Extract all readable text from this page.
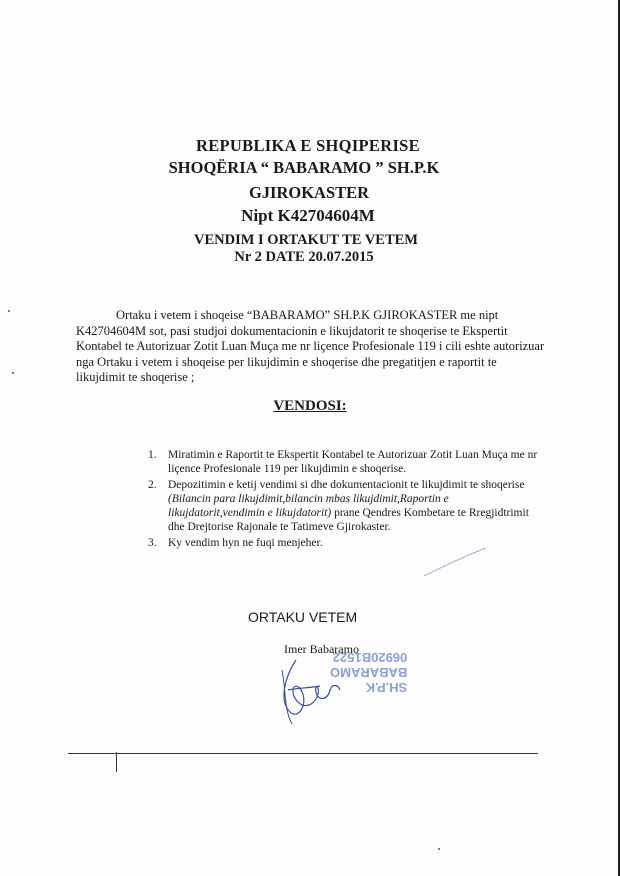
REPUBLIKA E SHQIPERISE
SHOQËRIA “ BABARAMO ” SH.P.K
GJIROKASTER
Nipt K42704604M
VENDIM I ORTAKUT TE VETEM
Nr 2 DATE 20.07.2015

Ortaku i vetem i shoqeise “BABARAMO” SH.P.K GJIROKASTER me nipt K42704604M sot, pasi studjoi dokumentacionin e likujdatorit te shoqerise te Ekspertit Kontabel te Autorizuar Zotit Luan Muça me nr liçence Profesionale 119 i cili eshte autorizuar nga Ortaku i vetem i shoqeise per likujdimin e shoqerise dhe pregatitjen e raportit te likujdimit te shoqerise ;

VENDOSI:
1. Miratimin e Raportit te Ekspertit Kontabel te Autorizuar Zotit Luan Muça me nr liçence Profesionale 119 per likujdimin e shoqerise.
2. Depozitimin e ketij vendimi si dhe dokumentacionit te likujdimit te shoqerise (Bilancin para likujdimit,bilancin mbas likujdimit,Raportin e likujdatorit,vendimin e likujdatorit) prane Qendres Kombetare te Rregjidtrimit dhe Drejtorise Rajonale te Tatimeve Gjirokaster.
3. Ky vendim hyn ne fuqi menjeher.
ORTAKU VETEM
Imer Babaramo
SH.P.K
BABARAMO
06920B1522
